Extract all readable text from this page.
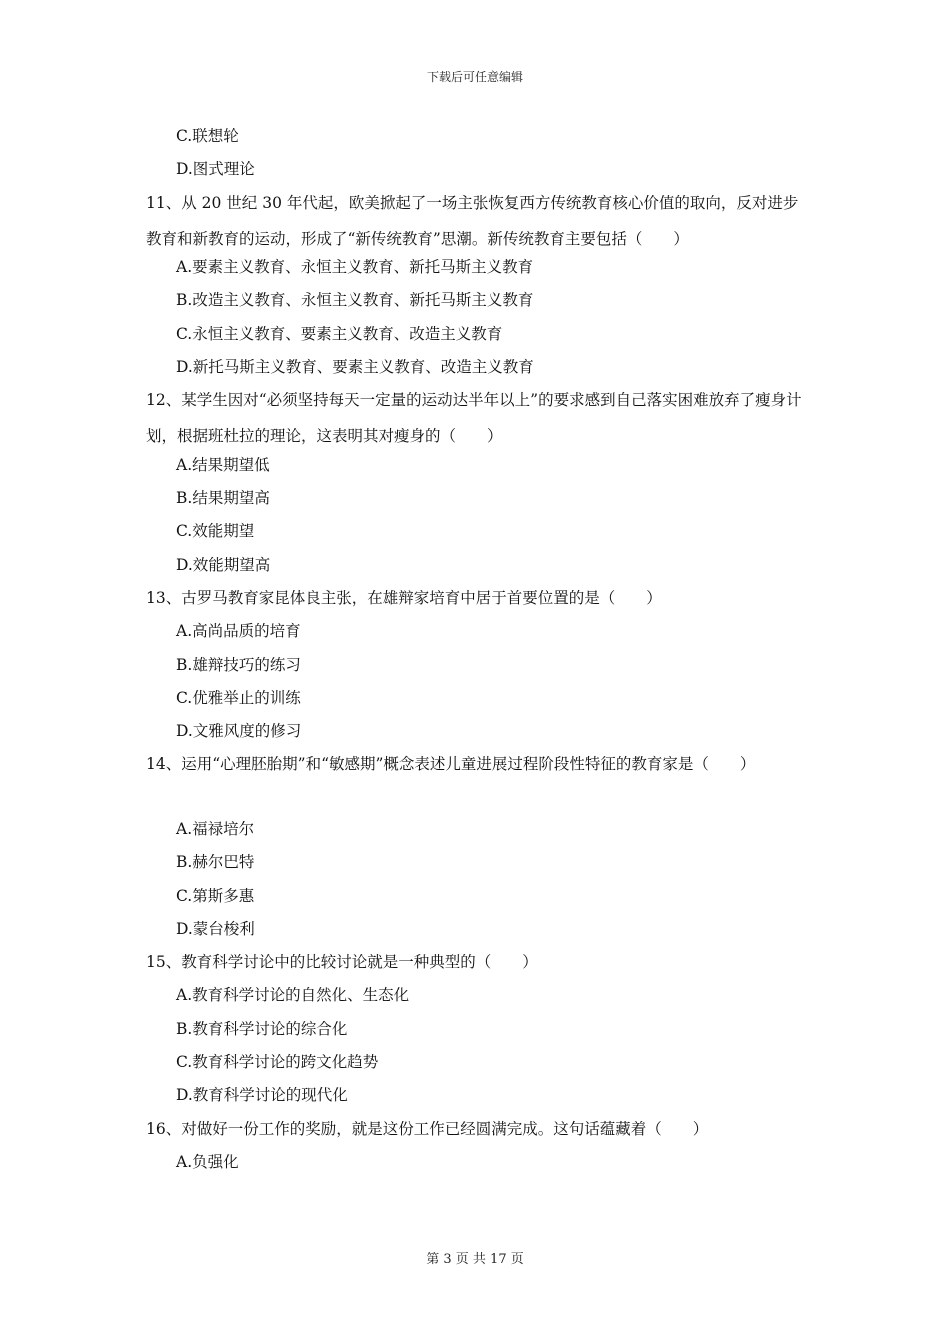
下载后可任意编辑
C.联想轮
D.图式理论
11、从 20 世纪 30 年代起，欧美掀起了一场主张恢复西方传统教育核心价值的取向，反对进步教育和新教育的运动，形成了“新传统教育”思潮。新传统教育主要包括（　　）
A.要素主义教育、永恒主义教育、新托马斯主义教育
B.改造主义教育、永恒主义教育、新托马斯主义教育
C.永恒主义教育、要素主义教育、改造主义教育
D.新托马斯主义教育、要素主义教育、改造主义教育
12、某学生因对“必须坚持每天一定量的运动达半年以上”的要求感到自己落实困难放弃了瘦身计划，根据班杜拉的理论，这表明其对瘦身的（　　）
A.结果期望低
B.结果期望高
C.效能期望
D.效能期望高
13、古罗马教育家昆体良主张，在雄辩家培育中居于首要位置的是（　　）
A.高尚品质的培育
B.雄辩技巧的练习
C.优雅举止的训练
D.文雅风度的修习
14、运用“心理胚胎期”和“敏感期”概念表述儿童进展过程阶段性特征的教育家是（　　）
A.福禄培尔
B.赫尔巴特
C.第斯多惠
D.蒙台梭利
15、教育科学讨论中的比较讨论就是一种典型的（　　）
A.教育科学讨论的自然化、生态化
B.教育科学讨论的综合化
C.教育科学讨论的跨文化趋势
D.教育科学讨论的现代化
16、对做好一份工作的奖励，就是这份工作已经圆满完成。这句话蕴藏着（　　）
A.负强化
第 3 页 共 17 页
